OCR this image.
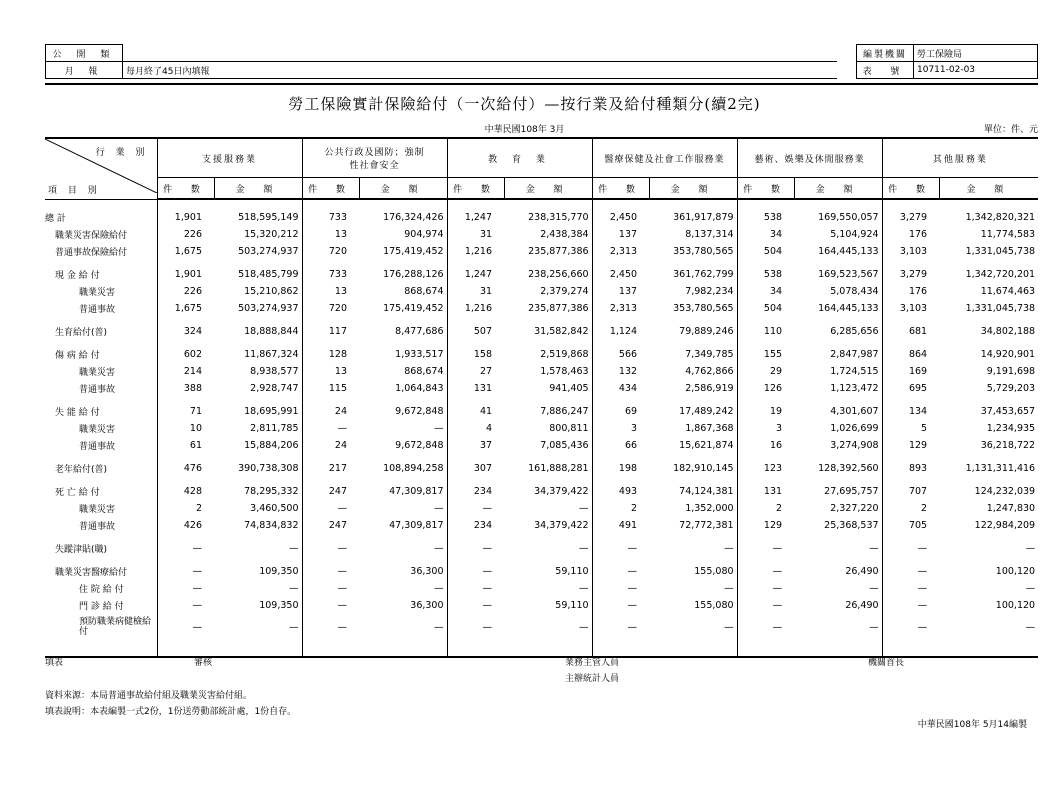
公 開 類	
月 報	每月終了45日內填報
編製機關	勞工保險局
表 號	10711-02-03
勞工保險實計保險給付（一次給付）—按行業及給付種類分(續2完)
中華民國108年 3月	單位：件、元
行 業 別
項 目 別	支援服務業		公共行政及國防；強制性社會安全		教 育 業		醫療保健及社會工作服務業		藝術、娛樂及休閒服務業		其他服務業	
	件 數	金 額	件 數	金 額	件 數	金 額	件 數	金 額	件 數	金 額	件 數	金 額

總 計	1,901	518,595,149	733	176,324,426	1,247	238,315,770	2,450	361,917,879	538	169,550,057	3,279	1,342,820,321
職業災害保險給付	226	15,320,212	13	904,974	31	2,438,384	137	8,137,314	34	5,104,924	176	11,774,583
普通事故保險給付	1,675	503,274,937	720	175,419,452	1,216	235,877,386	2,313	353,780,565	504	164,445,133	3,103	1,331,045,738

現 金 給 付	1,901	518,485,799	733	176,288,126	1,247	238,256,660	2,450	361,762,799	538	169,523,567	3,279	1,342,720,201
職業災害	226	15,210,862	13	868,674	31	2,379,274	137	7,982,234	34	5,078,434	176	11,674,463
普通事故	1,675	503,274,937	720	175,419,452	1,216	235,877,386	2,313	353,780,565	504	164,445,133	3,103	1,331,045,738

生育給付(普)	324	18,888,844	117	8,477,686	507	31,582,842	1,124	79,889,246	110	6,285,656	681	34,802,188

傷 病 給 付	602	11,867,324	128	1,933,517	158	2,519,868	566	7,349,785	155	2,847,987	864	14,920,901
職業災害	214	8,938,577	13	868,674	27	1,578,463	132	4,762,866	29	1,724,515	169	9,191,698
普通事故	388	2,928,747	115	1,064,843	131	941,405	434	2,586,919	126	1,123,472	695	5,729,203

失 能 給 付	71	18,695,991	24	9,672,848	41	7,886,247	69	17,489,242	19	4,301,607	134	37,453,657
職業災害	10	2,811,785	—	—	4	800,811	3	1,867,368	3	1,026,699	5	1,234,935
普通事故	61	15,884,206	24	9,672,848	37	7,085,436	66	15,621,874	16	3,274,908	129	36,218,722

老年給付(普)	476	390,738,308	217	108,894,258	307	161,888,281	198	182,910,145	123	128,392,560	893	1,131,311,416

死 亡 給 付	428	78,295,332	247	47,309,817	234	34,379,422	493	74,124,381	131	27,695,757	707	124,232,039
職業災害	2	3,460,500	—	—	—	—	2	1,352,000	2	2,327,220	2	1,247,830
普通事故	426	74,834,832	247	47,309,817	234	34,379,422	491	72,772,381	129	25,368,537	705	122,984,209

失蹤津貼(職)	—	—	—	—	—	—	—	—	—	—	—	—

職業災害醫療給付	—	109,350	—	36,300	—	59,110	—	155,080	—	26,490	—	100,120
住 院 給 付	—	—	—	—	—	—	—	—	—	—	—	—
門 診 給 付	—	109,350	—	36,300	—	59,110	—	155,080	—	26,490	—	100,120
預防職業病健檢給付	—	—	—	—	—	—	—	—	—	—	—	—

填表	審核	業務主管人員
主辦統計人員
機關首長
資料來源：本局普通事故給付組及職業災害給付組。
填表說明：本表編製一式2份，1份送勞動部統計處，1份自存。
中華民國108年 5月14編製
